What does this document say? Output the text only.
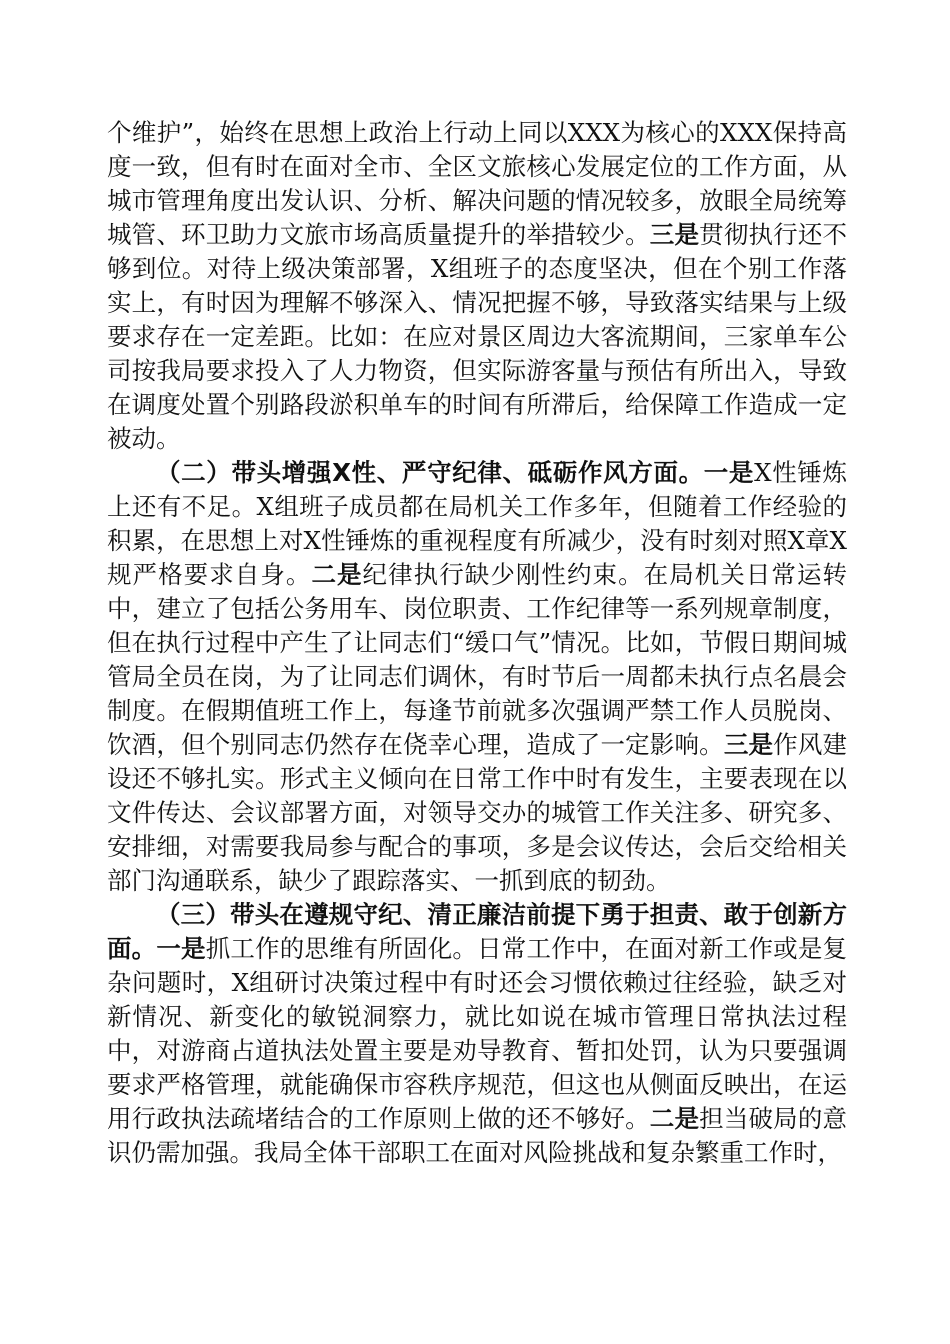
个维护”，始终在思想上政治上行动上同以XXX为核心的XXX保持高度一致，但有时在面对全市、全区文旅核心发展定位的工作方面，从城市管理角度出发认识、分析、解决问题的情况较多，放眼全局统筹城管、环卫助力文旅市场高质量提升的举措较少。三是贯彻执行还不够到位。对待上级决策部署，X组班子的态度坚决，但在个别工作落实上，有时因为理解不够深入、情况把握不够，导致落实结果与上级要求存在一定差距。比如：在应对景区周边大客流期间，三家单车公司按我局要求投入了人力物资，但实际游客量与预估有所出入，导致在调度处置个别路段淤积单车的时间有所滞后，给保障工作造成一定被动。

（二）带头增强X性、严守纪律、砥砺作风方面。一是X性锤炼上还有不足。X组班子成员都在局机关工作多年，但随着工作经验的积累，在思想上对X性锤炼的重视程度有所减少，没有时刻对照X章X规严格要求自身。二是纪律执行缺少刚性约束。在局机关日常运转中，建立了包括公务用车、岗位职责、工作纪律等一系列规章制度，但在执行过程中产生了让同志们“缓口气”情况。比如，节假日期间城管局全员在岗，为了让同志们调休，有时节后一周都未执行点名晨会制度。在假期值班工作上，每逢节前就多次强调严禁工作人员脱岗、饮酒，但个别同志仍然存在侥幸心理，造成了一定影响。三是作风建设还不够扎实。形式主义倾向在日常工作中时有发生，主要表现在以文件传达、会议部署方面，对领导交办的城管工作关注多、研究多、安排细，对需要我局参与配合的事项，多是会议传达，会后交给相关部门沟通联系，缺少了跟踪落实、一抓到底的韧劲。

（三）带头在遵规守纪、清正廉洁前提下勇于担责、敢于创新方面。一是抓工作的思维有所固化。日常工作中，在面对新工作或是复杂问题时，X组研讨决策过程中有时还会习惯依赖过往经验，缺乏对新情况、新变化的敏锐洞察力，就比如说在城市管理日常执法过程中，对游商占道执法处置主要是劝导教育、暂扣处罚，认为只要强调要求严格管理，就能确保市容秩序规范，但这也从侧面反映出，在运用行政执法疏堵结合的工作原则上做的还不够好。二是担当破局的意识仍需加强。我局全体干部职工在面对风险挑战和复杂繁重工作时，
